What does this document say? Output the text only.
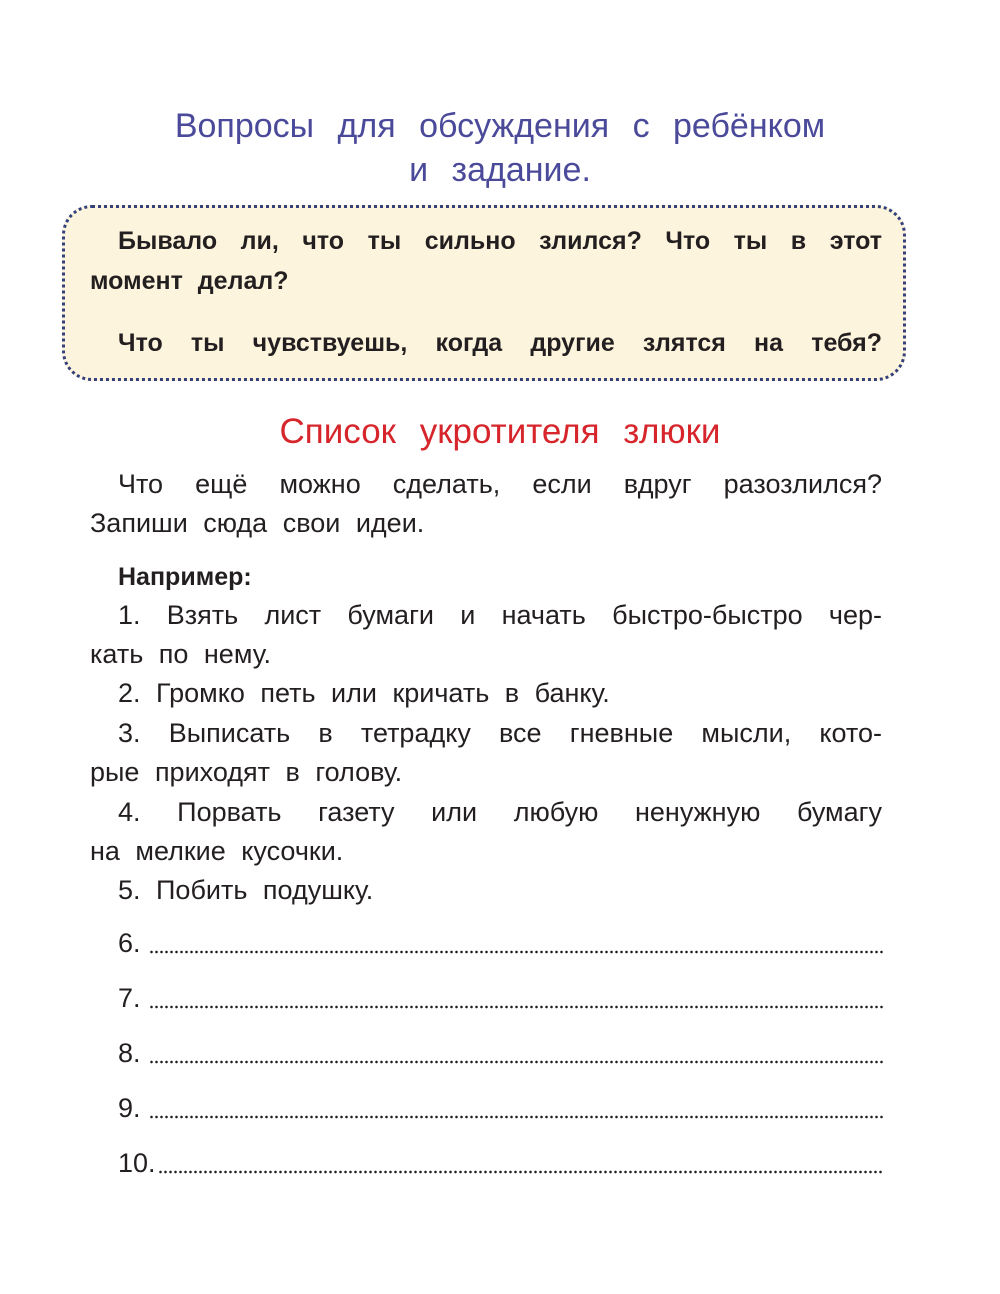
Вопросы для обсуждения с ребёнком
и задание.
Бывало ли, что ты сильно злился? Что ты в этот
момент делал?
Что ты чувствуешь, когда другие злятся на тебя?
Список укротителя злюки
Что ещё можно сделать, если вдруг разозлился?
Запиши сюда свои идеи.
Например:
1. Взять лист бумаги и начать быстро-быстро чер-
кать по нему.
2. Громко петь или кричать в банку.
3. Выписать в тетрадку все гневные мысли, кото-
рые приходят в голову.
4. Порвать газету или любую ненужную бумагу
на мелкие кусочки.
5. Побить подушку.
6.
7.
8.
9.
10.
